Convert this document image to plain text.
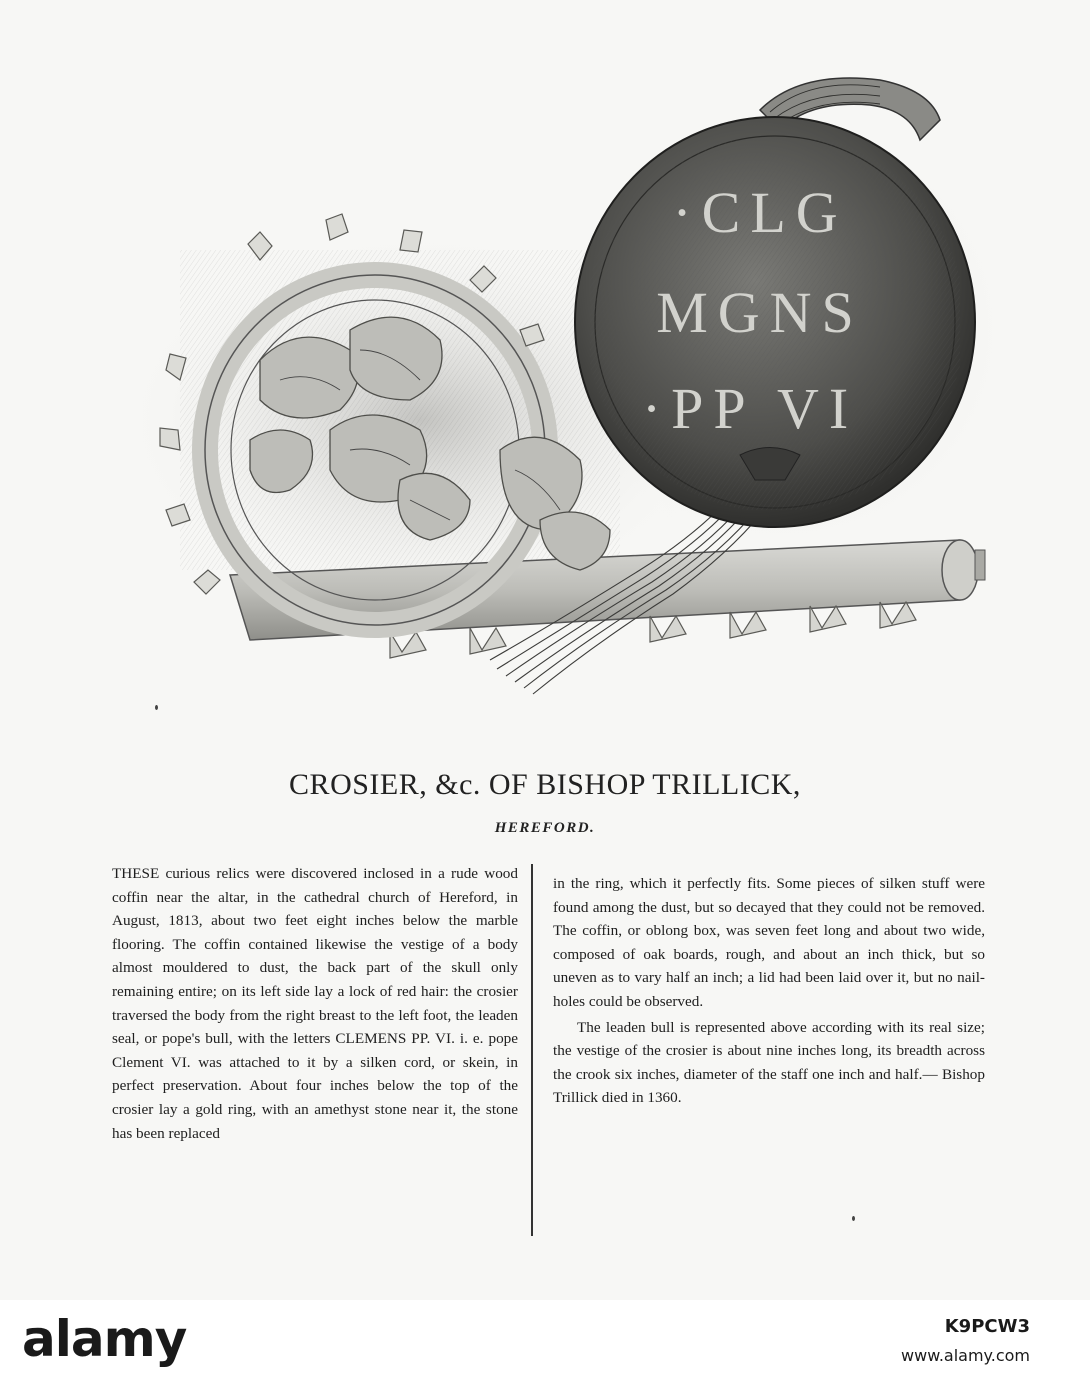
·CLG
MGNS
·PP VI
CROSIER, &c. OF BISHOP TRILLICK,
HEREFORD.

THESE curious relics were discovered inclosed in a rude wood coffin near the altar, in the cathedral church of Hereford, in August, 1813, about two feet eight inches below the marble flooring. The coffin contained likewise the vestige of a body almost mouldered to dust, the back part of the skull only remaining entire; on its left side lay a lock of red hair: the crosier traversed the body from the right breast to the left foot, the leaden seal, or pope's bull, with the letters CLEMENS PP. VI. i. e. pope Clement VI. was attached to it by a silken cord, or skein, in perfect preservation. About four inches below the top of the crosier lay a gold ring, with an amethyst stone near it, the stone has been replaced

in the ring, which it perfectly fits. Some pieces of silken stuff were found among the dust, but so decayed that they could not be removed. The coffin, or oblong box, was seven feet long and about two wide, composed of oak boards, rough, and about an inch thick, but so uneven as to vary half an inch; a lid had been laid over it, but no nail-holes could be observed.

The leaden bull is represented above according with its real size; the vestige of the crosier is about nine inches long, its breadth across the crook six inches, diameter of the staff one inch and half.— Bishop Trillick died in 1360.

alamy	K9PCW3
www.alamy.com
